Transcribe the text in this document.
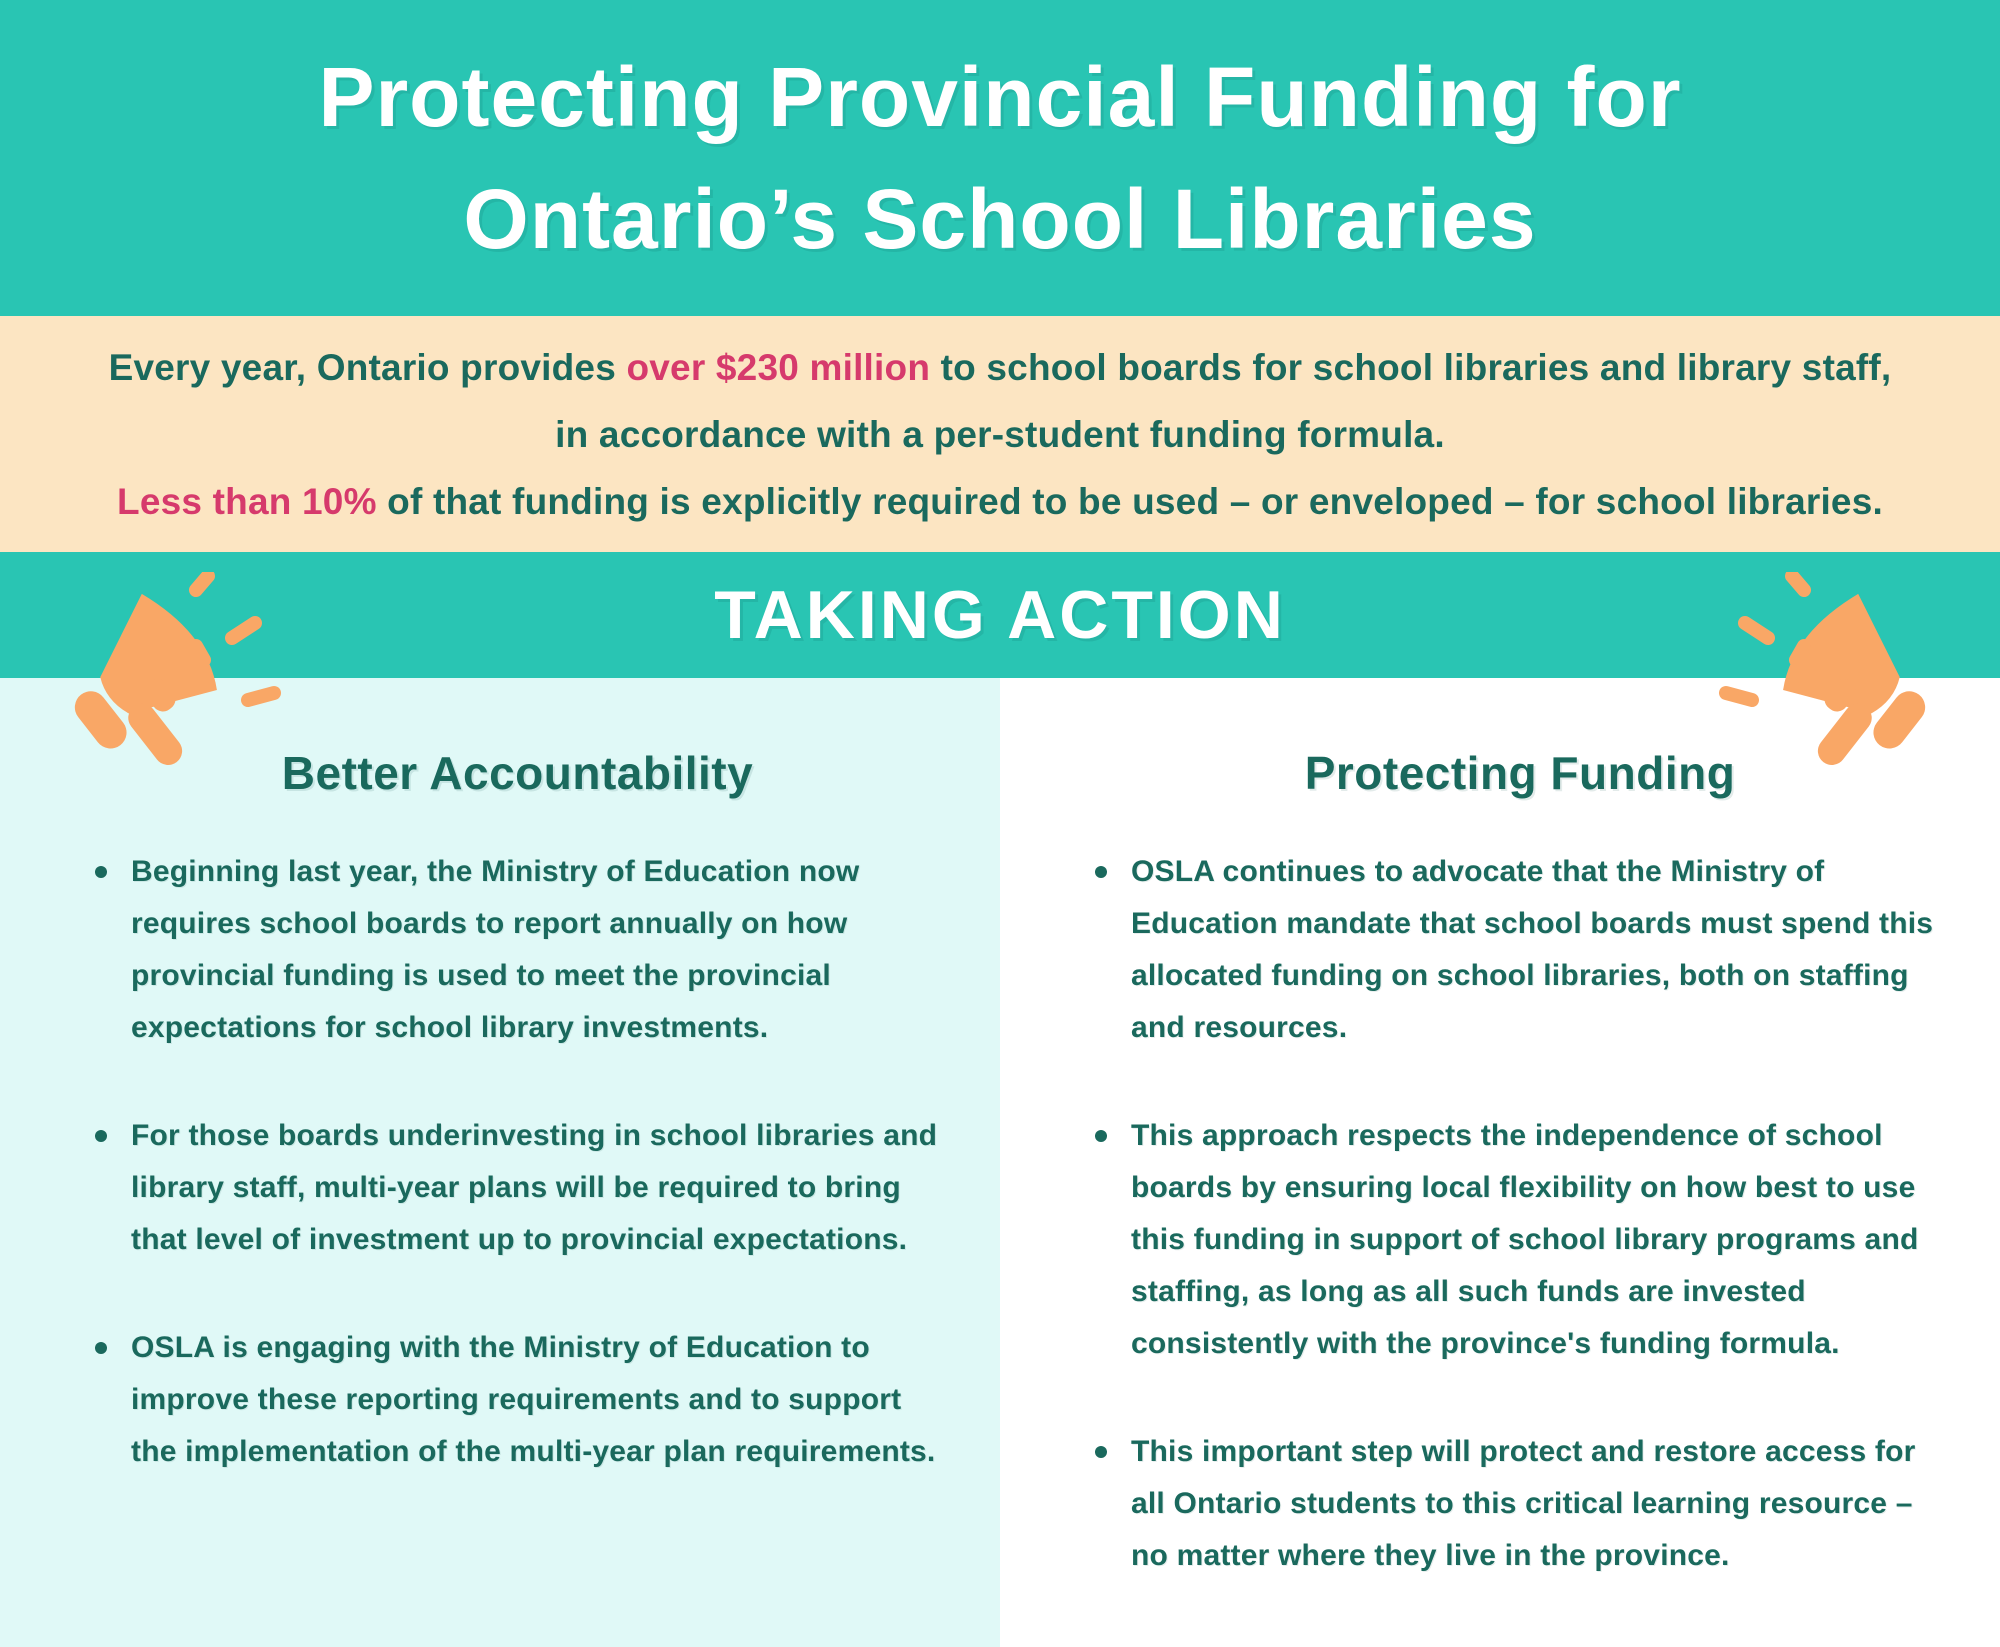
Protecting Provincial Funding for
Ontario’s School Libraries

Every year, Ontario provides over $230 million to school boards for school libraries and library staff,
in accordance with a per-student funding formula.
Less than 10% of that funding is explicitly required to be used – or enveloped – for school libraries.

TAKING ACTION
Better Accountability
Beginning last year, the Ministry of Education now requires school boards to report annually on how provincial funding is used to meet the provincial expectations for school library investments.
For those boards underinvesting in school libraries and library staff, multi-year plans will be required to bring that level of investment up to provincial expectations.
OSLA is engaging with the Ministry of Education to improve these reporting requirements and to support the implementation of the multi-year plan requirements.
Protecting Funding
OSLA continues to advocate that the Ministry of Education mandate that school boards must spend this allocated funding on school libraries, both on staffing and resources.
This approach respects the independence of school boards by ensuring local flexibility on how best to use this funding in support of school library programs and staffing, as long as all such funds are invested consistently with the province's funding formula.
This important step will protect and restore access for all Ontario students to this critical learning resource – no matter where they live in the province.
